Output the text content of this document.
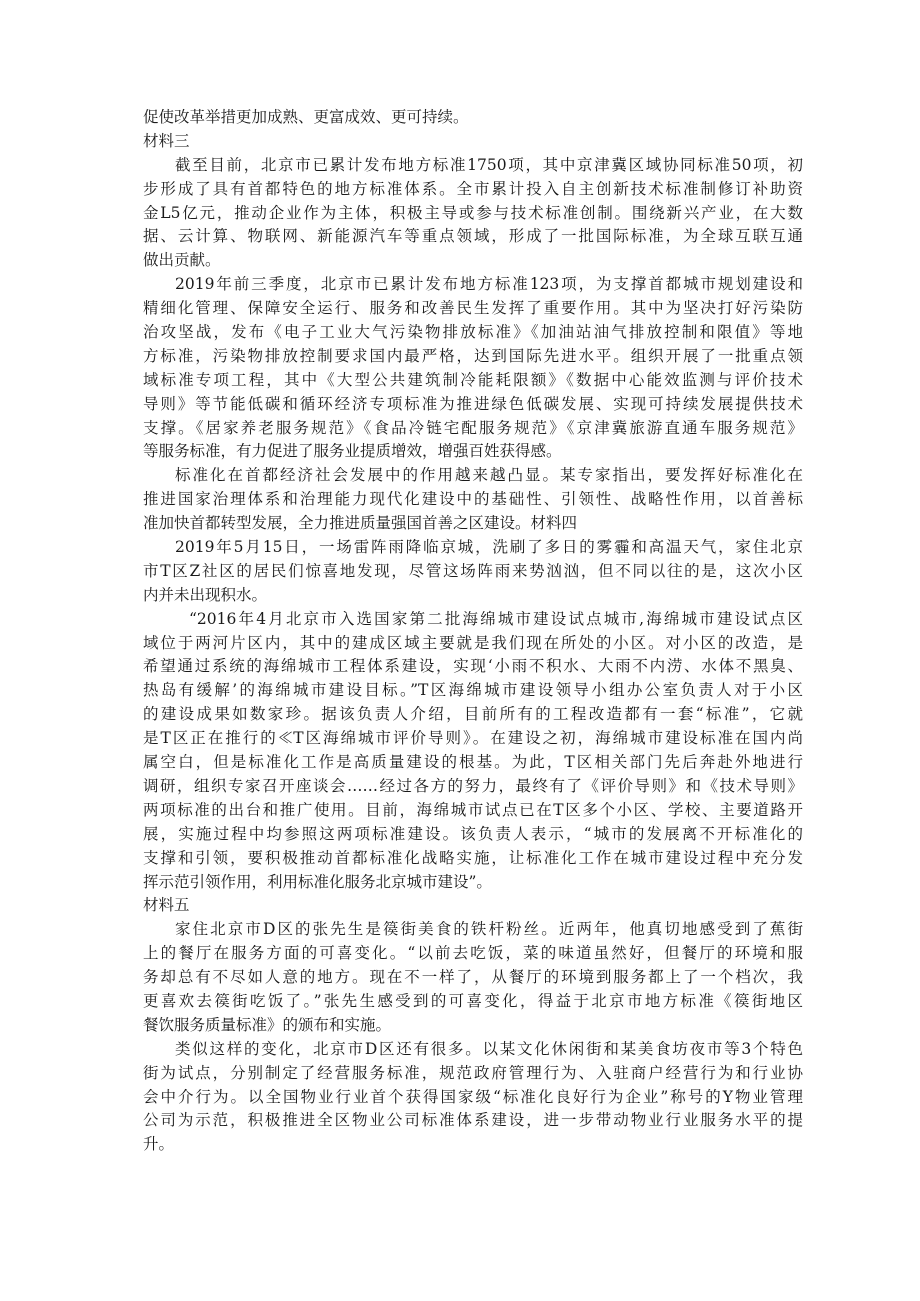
促使改革举措更加成熟、更富成效、更可持续。

材料三

截至目前，北京市已累计发布地方标准1750项，其中京津冀区域协同标准50项，初

步形成了具有首都特色的地方标准体系。全市累计投入自主创新技术标准制修订补助资

金L5亿元，推动企业作为主体，积极主导或参与技术标准创制。围绕新兴产业，在大数

据、云计算、物联网、新能源汽车等重点领域，形成了一批国际标准，为全球互联互通

做出贡献。

2019年前三季度，北京市已累计发布地方标准123项，为支撑首都城市规划建设和

精细化管理、保障安全运行、服务和改善民生发挥了重要作用。其中为坚决打好污染防

治攻坚战，发布《电子工业大气污染物排放标准》《加油站油气排放控制和限值》等地

方标准，污染物排放控制要求国内最严格，达到国际先进水平。组织开展了一批重点领

域标准专项工程，其中《大型公共建筑制冷能耗限额》《数据中心能效监测与评价技术

导则》等节能低碳和循环经济专项标准为推进绿色低碳发展、实现可持续发展提供技术

支撑。《居家养老服务规范》《食品冷链宅配服务规范》《京津冀旅游直通车服务规范》

等服务标准，有力促进了服务业提质增效，增强百姓获得感。

标准化在首都经济社会发展中的作用越来越凸显。某专家指出，要发挥好标准化在

推进国家治理体系和治理能力现代化建设中的基础性、引领性、战略性作用，以首善标

准加快首都转型发展，全力推进质量强国首善之区建设。材料四

2019年5月15日，一场雷阵雨降临京城，洗刷了多日的雾霾和高温天气，家住北京

市T区Z社区的居民们惊喜地发现，尽管这场阵雨来势汹汹，但不同以往的是，这次小区

内并未出现积水。

“2016年4月北京市入选国家第二批海绵城市建设试点城市,海绵城市建设试点区

域位于两河片区内，其中的建成区域主要就是我们现在所处的小区。对小区的改造，是

希望通过系统的海绵城市工程体系建设，实现‘小雨不积水、大雨不内涝、水体不黑臭、

热岛有缓解’的海绵城市建设目标。”T区海绵城市建设领导小组办公室负责人对于小区

的建设成果如数家珍。据该负责人介绍，目前所有的工程改造都有一套“标准”，它就

是T区正在推行的≪T区海绵城市评价导则》。在建设之初，海绵城市建设标准在国内尚

属空白，但是标准化工作是高质量建设的根基。为此，T区相关部门先后奔赴外地进行

调研，组织专家召开座谈会……经过各方的努力，最终有了《评价导则》和《技术导则》

两项标准的出台和推广使用。目前，海绵城市试点已在T区多个小区、学校、主要道路开

展，实施过程中均参照这两项标准建设。该负责人表示，“城市的发展离不开标准化的

支撑和引领，要积极推动首都标准化战略实施，让标准化工作在城市建设过程中充分发

挥示范引领作用，利用标准化服务北京城市建设”。

材料五

家住北京市D区的张先生是篌街美食的铁杆粉丝。近两年，他真切地感受到了蕉街

上的餐厅在服务方面的可喜变化。“以前去吃饭，菜的味道虽然好，但餐厅的环境和服

务却总有不尽如人意的地方。现在不一样了，从餐厅的环境到服务都上了一个档次，我

更喜欢去篌街吃饭了。”张先生感受到的可喜变化，得益于北京市地方标准《篌街地区

餐饮服务质量标准》的颁布和实施。

类似这样的变化，北京市D区还有很多。以某文化休闲街和某美食坊夜市等3个特色

街为试点，分别制定了经营服务标准，规范政府管理行为、入驻商户经营行为和行业协

会中介行为。以全国物业行业首个获得国家级“标准化良好行为企业”称号的Y物业管理

公司为示范，积极推进全区物业公司标准体系建设，进一步带动物业行业服务水平的提

升。
